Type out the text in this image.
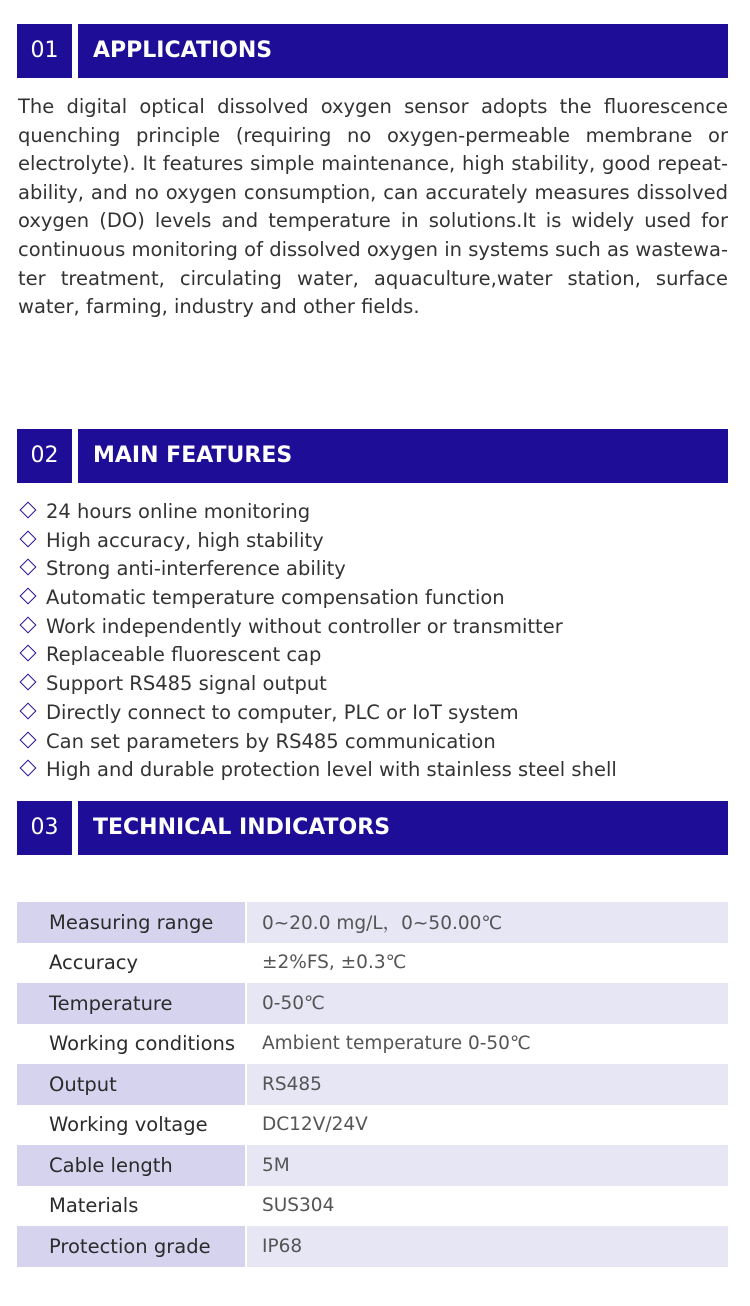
01	APPLICATIONS

The digital optical dissolved oxygen sensor adopts the fluorescence quenching principle (requiring no oxygen-permeable membrane or electrolyte). It features simple maintenance, high stability, good repeatability, and no oxygen consumption, can accurately measures dissolved oxygen (DO) levels and temperature in solutions.It is widely used for continuous monitoring of dissolved oxygen in systems such as wastewater treatment, circulating water, aquaculture,water station, surface water, farming, industry and other fields.

02	MAIN FEATURES
24 hours online monitoring
High accuracy, high stability
Strong anti-interference ability
Automatic temperature compensation function
Work independently without controller or transmitter
Replaceable fluorescent cap
Support RS485 signal output
Directly connect to computer, PLC or IoT system
Can set parameters by RS485 communication
High and durable protection level with stainless steel shell
03	TECHNICAL INDICATORS
Measuring range	0~20.0 mg/L，0~50.00℃
Accuracy	±2%FS, ±0.3℃
Temperature	0-50℃
Working conditions	Ambient temperature 0-50℃
Output	RS485
Working voltage	DC12V/24V
Cable length	5M
Materials	SUS304
Protection grade	IP68
